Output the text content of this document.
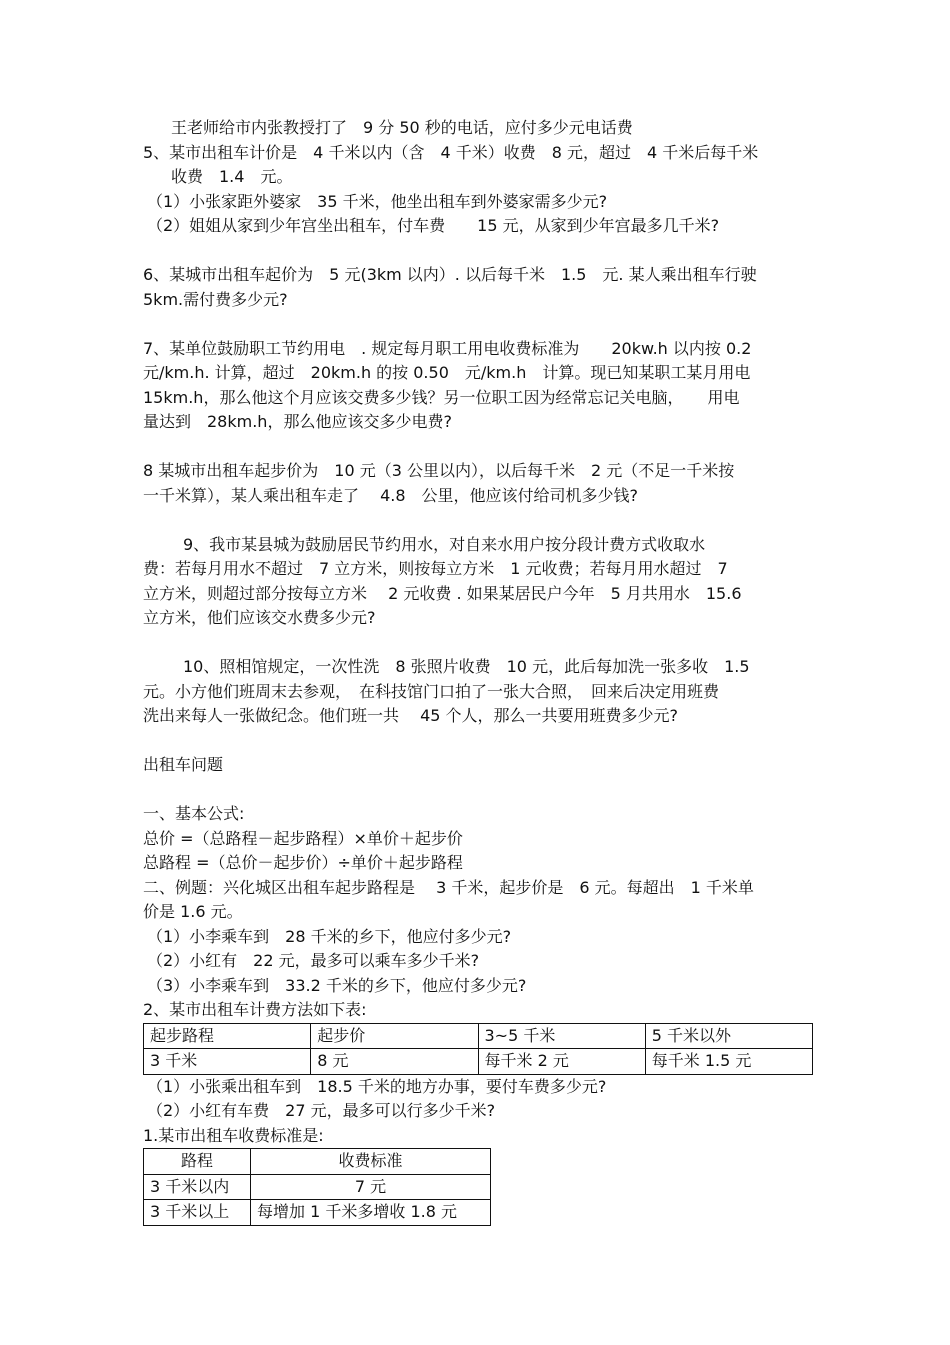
王老师给市内张教授打了　9 分 50 秒的电话，应付多少元电话费

5、某市出租车计价是　4 千米以内（含　4 千米）收费　8 元，超过　4 千米后每千米

收费　1.4　元。

（1）小张家距外婆家　35 千米，他坐出租车到外婆家需多少元?

（2）姐姐从家到少年宫坐出租车，付车费　　15 元，从家到少年宫最多几千米?

6、某城市出租车起价为　5 元(3km 以内）. 以后每千米　1.5　元. 某人乘出租车行驶

5km.需付费多少元?

7、某单位鼓励职工节约用电　. 规定每月职工用电收费标准为　　20kw.h 以内按 0.2

元/km.h. 计算，超过　20km.h 的按 0.50　元/km.h　计算。现已知某职工某月用电

15km.h，那么他这个月应该交费多少钱？另一位职工因为经常忘记关电脑，　　用电

量达到　28km.h，那么他应该交多少电费?

8 某城市出租车起步价为　10 元（3 公里以内），以后每千米　2 元（不足一千米按

一千米算），某人乘出租车走了　 4.8　公里，他应该付给司机多少钱?

9、我市某县城为鼓励居民节约用水，对自来水用户按分段计费方式收取水

费：若每月用水不超过　7 立方米，则按每立方米　1 元收费；若每月用水超过　7

立方米，则超过部分按每立方米　 2 元收费 . 如果某居民户今年　5 月共用水　15.6

立方米，他们应该交水费多少元?

10、照相馆规定，一次性洗　8 张照片收费　10 元，此后每加洗一张多收　1.5

元。小方他们班周末去参观，　在科技馆门口拍了一张大合照，　回来后决定用班费

洗出来每人一张做纪念。他们班一共　 45 个人，那么一共要用班费多少元?

出租车问题

一、基本公式:

总价 =（总路程－起步路程）×单价＋起步价

总路程 =（总价－起步价）÷单价＋起步路程

二、例题：兴化城区出租车起步路程是　 3 千米，起步价是　6 元。每超出　1 千米单

价是 1.6 元。

（1）小李乘车到　28 千米的乡下，他应付多少元?

（2）小红有　22 元，最多可以乘车多少千米?

（3）小李乘车到　33.2 千米的乡下，他应付多少元?

2、某市出租车计费方法如下表:

起步路程	起步价	3~5 千米	5 千米以外
3 千米	8 元	每千米 2 元	每千米 1.5 元

（1）小张乘出租车到　18.5 千米的地方办事，要付车费多少元?

（2）小红有车费　27 元，最多可以行多少千米?

1.某市出租车收费标准是:

路程	收费标准
3 千米以内	7 元
3 千米以上	每增加 1 千米多增收 1.8 元
